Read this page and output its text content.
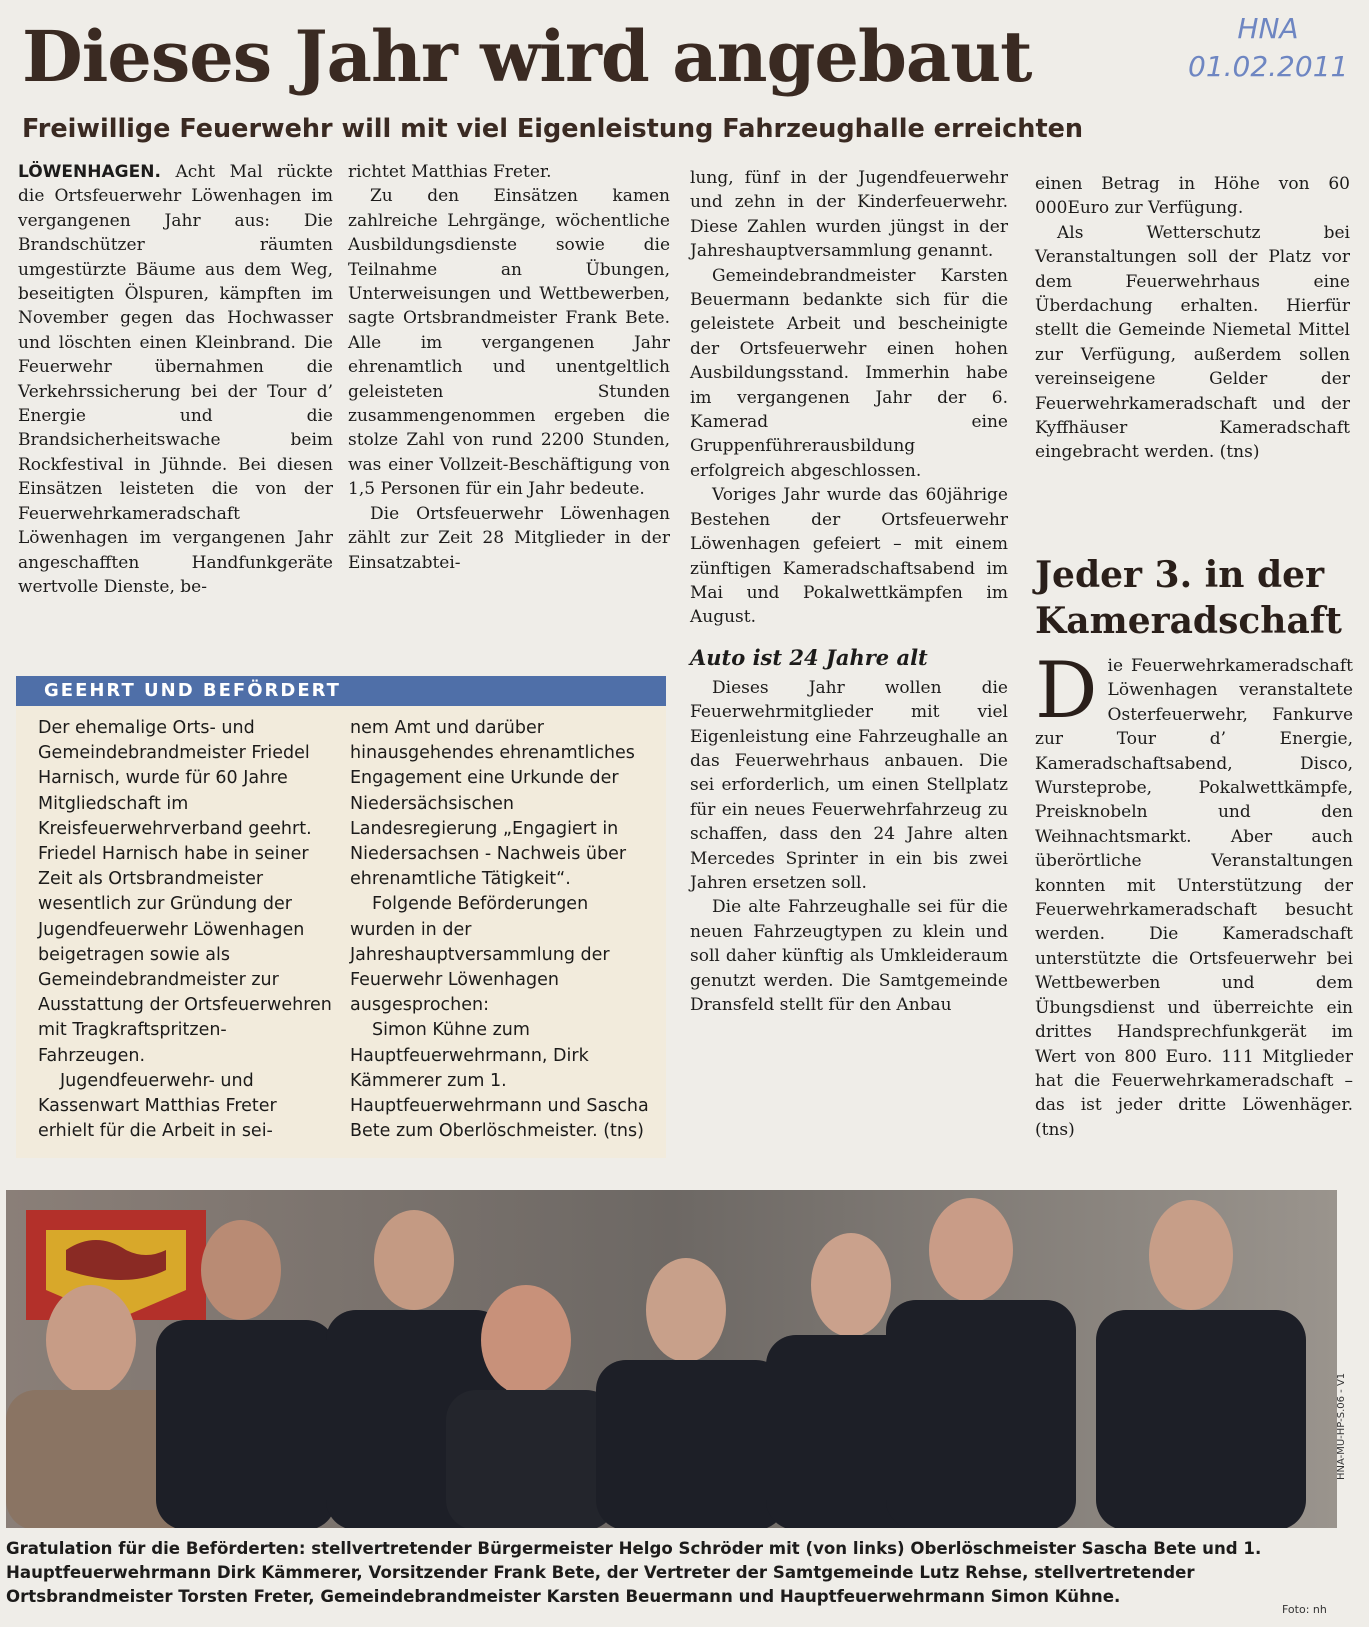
Dieses Jahr wird angebaut	HNA
01.02.2011
Freiwillige Feuerwehr will mit viel Eigenleistung Fahrzeughalle erreichten

LÖWENHAGEN. Acht Mal rückte die Ortsfeuerwehr Löwenhagen im vergangenen Jahr aus: Die Brandschützer räumten umgestürzte Bäume aus dem Weg, beseitigten Ölspuren, kämpften im November gegen das Hochwasser und löschten einen Kleinbrand. Die Feuerwehr übernahmen die Verkehrssicherung bei der Tour d’ Energie und die Brandsicherheitswache beim Rockfestival in Jühnde. Bei diesen Einsätzen leisteten die von der Feuerwehrkameradschaft Löwenhagen im vergangenen Jahr angeschafften Handfunkgeräte wertvolle Dienste, be-

richtet Matthias Freter.

Zu den Einsätzen kamen zahlreiche Lehrgänge, wöchentliche Ausbildungsdienste sowie die Teilnahme an Übungen, Unterweisungen und Wettbewerben, sagte Ortsbrandmeister Frank Bete. Alle im vergangenen Jahr ehrenamtlich und unentgeltlich geleisteten Stunden zusammengenommen ergeben die stolze Zahl von rund 2200 Stunden, was einer Vollzeit-Beschäftigung von 1,5 Personen für ein Jahr bedeute.

Die Ortsfeuerwehr Löwenhagen zählt zur Zeit 28 Mitglieder in der Einsatzabtei-

lung, fünf in der Jugendfeuerwehr und zehn in der Kinderfeuerwehr. Diese Zahlen wurden jüngst in der Jahreshauptversammlung genannt.

Gemeindebrandmeister Karsten Beuermann bedankte sich für die geleistete Arbeit und bescheinigte der Ortsfeuerwehr einen hohen Ausbildungsstand. Immerhin habe im vergangenen Jahr der 6. Kamerad eine Gruppenführerausbildung erfolgreich abgeschlossen.

Voriges Jahr wurde das 60jährige Bestehen der Ortsfeuerwehr Löwenhagen gefeiert – mit einem zünftigen Kameradschaftsabend im Mai und Pokalwettkämpfen im August.

Auto ist 24 Jahre alt

Dieses Jahr wollen die Feuerwehrmitglieder mit viel Eigenleistung eine Fahrzeughalle an das Feuerwehrhaus anbauen. Die sei erforderlich, um einen Stellplatz für ein neues Feuerwehrfahrzeug zu schaffen, dass den 24 Jahre alten Mercedes Sprinter in ein bis zwei Jahren ersetzen soll.

Die alte Fahrzeughalle sei für die neuen Fahrzeugtypen zu klein und soll daher künftig als Umkleideraum genutzt werden. Die Samtgemeinde Dransfeld stellt für den Anbau

einen Betrag in Höhe von 60 000Euro zur Verfügung.

Als Wetterschutz bei Veranstaltungen soll der Platz vor dem Feuerwehrhaus eine Überdachung erhalten. Hierfür stellt die Gemeinde Niemetal Mittel zur Verfügung, außerdem sollen vereinseigene Gelder der Feuerwehrkameradschaft und der Kyffhäuser Kameradschaft eingebracht werden. (tns)

GEEHRT UND BEFÖRDERT

Der ehemalige Orts- und Gemeindebrandmeister Friedel Harnisch, wurde für 60 Jahre Mitgliedschaft im Kreisfeuerwehrverband geehrt. Friedel Harnisch habe in seiner Zeit als Ortsbrandmeister wesentlich zur Gründung der Jugendfeuerwehr Löwenhagen beigetragen sowie als Gemeindebrandmeister zur Ausstattung der Ortsfeuerwehren mit Tragkraftspritzen-Fahrzeugen.

Jugendfeuerwehr- und Kassenwart Matthias Freter erhielt für die Arbeit in sei-

nem Amt und darüber hinausgehendes ehrenamtliches Engagement eine Urkunde der Niedersächsischen Landesregierung „Engagiert in Niedersachsen - Nachweis über ehrenamtliche Tätigkeit“.

Folgende Beförderungen wurden in der Jahreshauptversammlung der Feuerwehr Löwenhagen ausgesprochen:

Simon Kühne zum Hauptfeuerwehrmann, Dirk Kämmerer zum 1. Hauptfeuerwehrmann und Sascha Bete zum Oberlöschmeister. (tns)

Jeder 3. in der Kameradschaft
D ie Feuerwehrkameradschaft Löwenhagen veranstaltete Osterfeuerwehr, Fankurve zur Tour d’ Energie, Kameradschaftsabend, Disco, Wursteprobe, Pokalwettkämpfe, Preisknobeln und den Weihnachtsmarkt. Aber auch überörtliche Veranstaltungen konnten mit Unterstützung der Feuerwehrkameradschaft besucht werden. Die Kameradschaft unterstützte die Ortsfeuerwehr bei Wettbewerben und dem Übungsdienst und überreichte ein drittes Handsprechfunkgerät im Wert von 800 Euro. 111 Mitglieder hat die Feuerwehrkameradschaft – das ist jeder dritte Löwenhäger. (tns)
Gratulation für die Beförderten: stellvertretender Bürgermeister Helgo Schröder mit (von links) Oberlöschmeister Sascha Bete und 1. Hauptfeuerwehrmann Dirk Kämmerer, Vorsitzender Frank Bete, der Vertreter der Samtgemeinde Lutz Rehse, stellvertretender Ortsbrandmeister Torsten Freter, Gemeindebrandmeister Karsten Beuermann und Hauptfeuerwehrmann Simon Kühne.
Foto: nh
HNA-MU-HP-S.06 - V1
